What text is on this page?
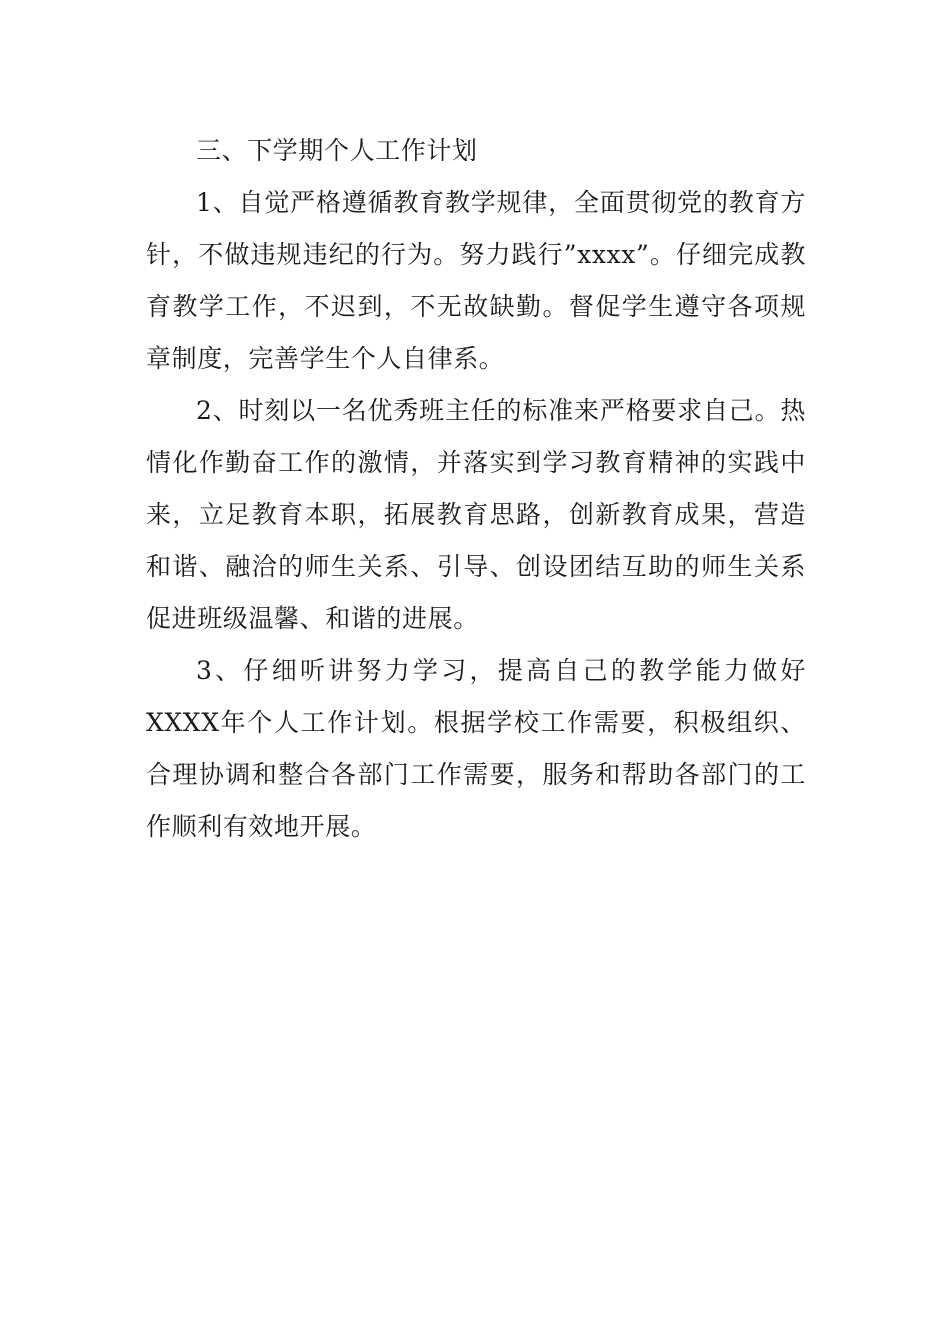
三、下学期个人工作计划

1、自觉严格遵循教育教学规律，全面贯彻党的教育方针，不做违规违纪的行为。努力践行”xxxx”。仔细完成教育教学工作，不迟到，不无故缺勤。督促学生遵守各项规章制度，完善学生个人自律系。

2、时刻以一名优秀班主任的标准来严格要求自己。热情化作勤奋工作的激情，并落实到学习教育精神的实践中来，立足教育本职，拓展教育思路，创新教育成果，营造和谐、融洽的师生关系、引导、创设团结互助的师生关系促进班级温馨、和谐的进展。

3、仔细听讲努力学习，提高自己的教学能力做好XXXX年个人工作计划。根据学校工作需要，积极组织、合理协调和整合各部门工作需要，服务和帮助各部门的工作顺利有效地开展。
